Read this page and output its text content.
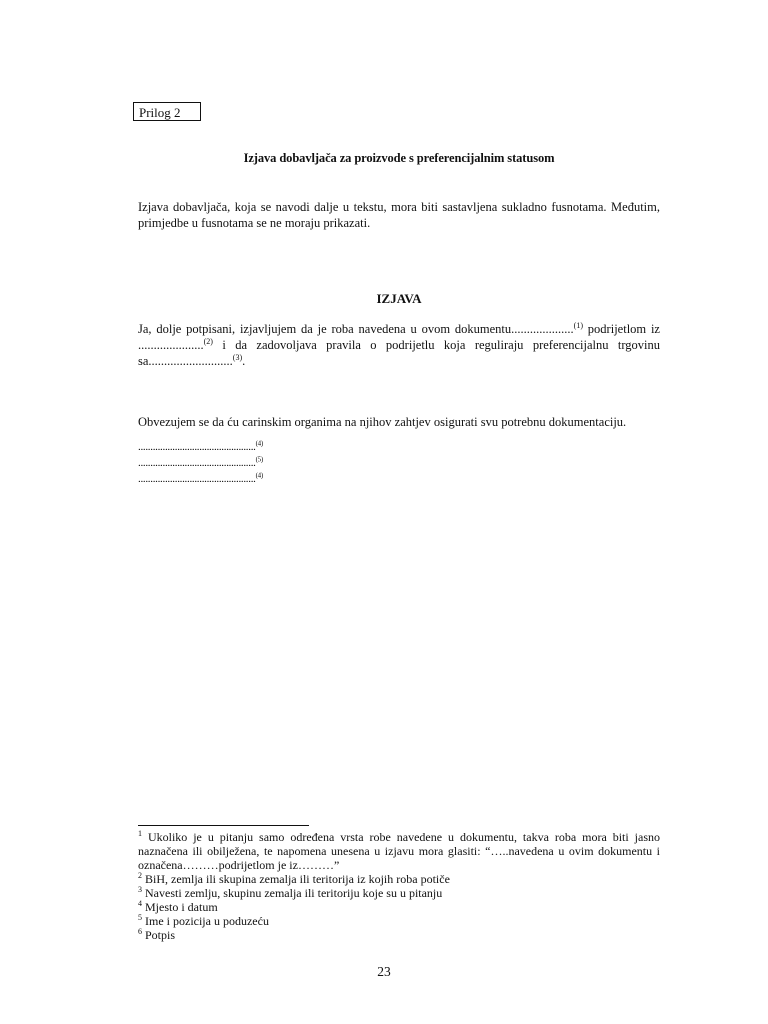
Prilog 2
Izjava dobavljača za proizvode s preferencijalnim statusom

Izjava dobavljača, koja se navodi dalje u tekstu, mora biti sastavljena sukladno fusnotama. Međutim, primjedbe u fusnotama se ne moraju prikazati.

IZJAVA

Ja, dolje potpisani, izjavljujem da je roba navedena u ovom dokumentu....................$^{(1)}$ podrijetlom iz .....................$^{(2)}$ i da zadovoljava pravila o podrijetlu koja reguliraju preferencijalnu trgovinu sa...........................$^{(3)}$.

Obvezujem se da ću carinskim organima na njihov zahtjev osigurati svu potrebnu dokumentaciju.

................................................$^{(4)}$
................................................$^{(5)}$
................................................$^{(4)}$

$^1$ Ukoliko je u pitanju samo određena vrsta robe navedene u dokumentu, takva roba mora biti jasno naznačena ili obilježena, te napomena unesena u izjavu mora glasiti: “…..navedena u ovim dokumentu i označena………podrijetlom je iz………”

$^2$ BiH, zemlja ili skupina zemalja ili teritorija iz kojih roba potiče

$^3$ Navesti zemlju, skupinu zemalja ili teritoriju koje su u pitanju

$^4$ Mjesto i datum

$^5$ Ime i pozicija u poduzeću

$^6$ Potpis

23
